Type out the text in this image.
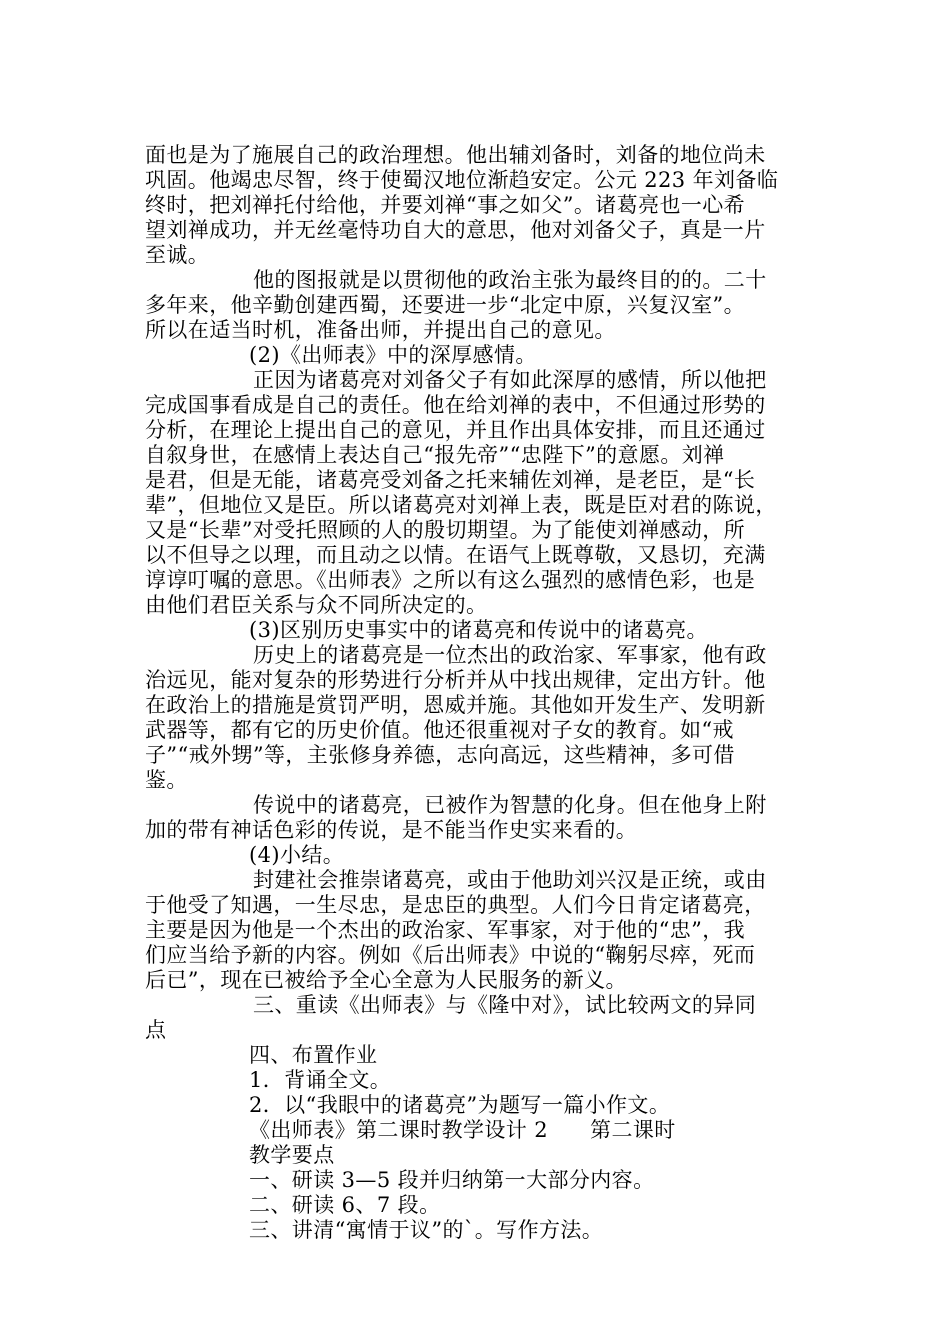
面也是为了施展自己的政治理想。他出辅刘备时，刘备的地位尚未
巩固。他竭忠尽智，终于使蜀汉地位渐趋安定。公元 223 年刘备临
终时，把刘禅托付给他，并要刘禅“事之如父”。诸葛亮也一心希
望刘禅成功，并无丝毫恃功自大的意思，他对刘备父子，真是一片
至诚。
他的图报就是以贯彻他的政治主张为最终目的的。二十
多年来，他辛勤创建西蜀，还要进一步“北定中原，兴复汉室”。
所以在适当时机，准备出师，并提出自己的意见。
(2)《出师表》中的深厚感情。
正因为诸葛亮对刘备父子有如此深厚的感情，所以他把
完成国事看成是自己的责任。他在给刘禅的表中，不但通过形势的
分析，在理论上提出自己的意见，并且作出具体安排，而且还通过
自叙身世，在感情上表达自己“报先帝”“忠陛下”的意愿。刘禅
是君，但是无能，诸葛亮受刘备之托来辅佐刘禅，是老臣，是“长
辈”，但地位又是臣。所以诸葛亮对刘禅上表，既是臣对君的陈说，
又是“长辈”对受托照顾的人的殷切期望。为了能使刘禅感动，所
以不但导之以理，而且动之以情。在语气上既尊敬，又恳切，充满
谆谆叮嘱的意思。《出师表》之所以有这么强烈的感情色彩，也是
由他们君臣关系与众不同所决定的。
(3)区别历史事实中的诸葛亮和传说中的诸葛亮。
历史上的诸葛亮是一位杰出的政治家、军事家，他有政
治远见，能对复杂的形势进行分析并从中找出规律，定出方针。他
在政治上的措施是赏罚严明，恩威并施。其他如开发生产、发明新
武器等，都有它的历史价值。他还很重视对子女的教育。如“戒
子”“戒外甥”等，主张修身养德，志向高远，这些精神，多可借
鉴。
传说中的诸葛亮，已被作为智慧的化身。但在他身上附
加的带有神话色彩的传说，是不能当作史实来看的。
(4)小结。
封建社会推崇诸葛亮，或由于他助刘兴汉是正统，或由
于他受了知遇，一生尽忠，是忠臣的典型。人们今日肯定诸葛亮，
主要是因为他是一个杰出的政治家、军事家，对于他的“忠”，我
们应当给予新的内容。例如《后出师表》中说的“鞠躬尽瘁，死而
后已”，现在已被给予全心全意为人民服务的新义。
三、重读《出师表》与《隆中对》，试比较两文的异同
点
四、布置作业
1．背诵全文。
2．以“我眼中的诸葛亮”为题写一篇小作文。
《出师表》第二课时教学设计 2 第二课时
教学要点
一、研读 3—5 段并归纳第一大部分内容。
二、研读 6、7 段。
三、讲清“寓情于议”的`。写作方法。
